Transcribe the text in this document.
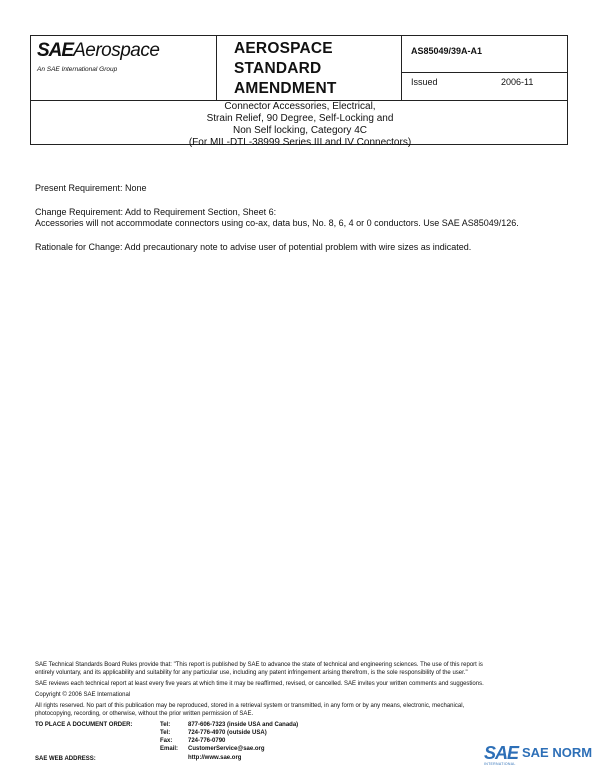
SAEAerospace
An SAE International Group
AEROSPACE
STANDARD
AMENDMENT
AS85049/39A-A1
Issued	2006-11
Connector Accessories, Electrical,
Strain Relief, 90 Degree, Self-Locking and
Non Self locking, Category 4C
(For MIL-DTL-38999 Series III and IV Connectors)
Present Requirement: None
Change Requirement: Add to Requirement Section, Sheet 6:
Accessories will not accommodate connectors using co-ax, data bus, No. 8, 6, 4 or 0 conductors. Use SAE AS85049/126.
Rationale for Change: Add precautionary note to advise user of potential problem with wire sizes as indicated.
SAE Technical Standards Board Rules provide that: "This report is published by SAE to advance the state of technical and engineering sciences. The use of this report is
entirely voluntary, and its applicability and suitability for any particular use, including any patent infringement arising therefrom, is the sole responsibility of the user."
SAE reviews each technical report at least every five years at which time it may be reaffirmed, revised, or cancelled. SAE invites your written comments and suggestions.
Copyright © 2006 SAE International
All rights reserved. No part of this publication may be reproduced, stored in a retrieval system or transmitted, in any form or by any means, electronic, mechanical,
photocopying, recording, or otherwise, without the prior written permission of SAE.
TO PLACE A DOCUMENT ORDER:	Tel:	877-606-7323 (inside USA and Canada)
Tel:	724-776-4970 (outside USA)
Fax:	724-776-0790
Email: CustomerService@sae.org
SAE WEB ADDRESS:	http://www.sae.org	SAE SAE NORM
INTERNATIONAL
